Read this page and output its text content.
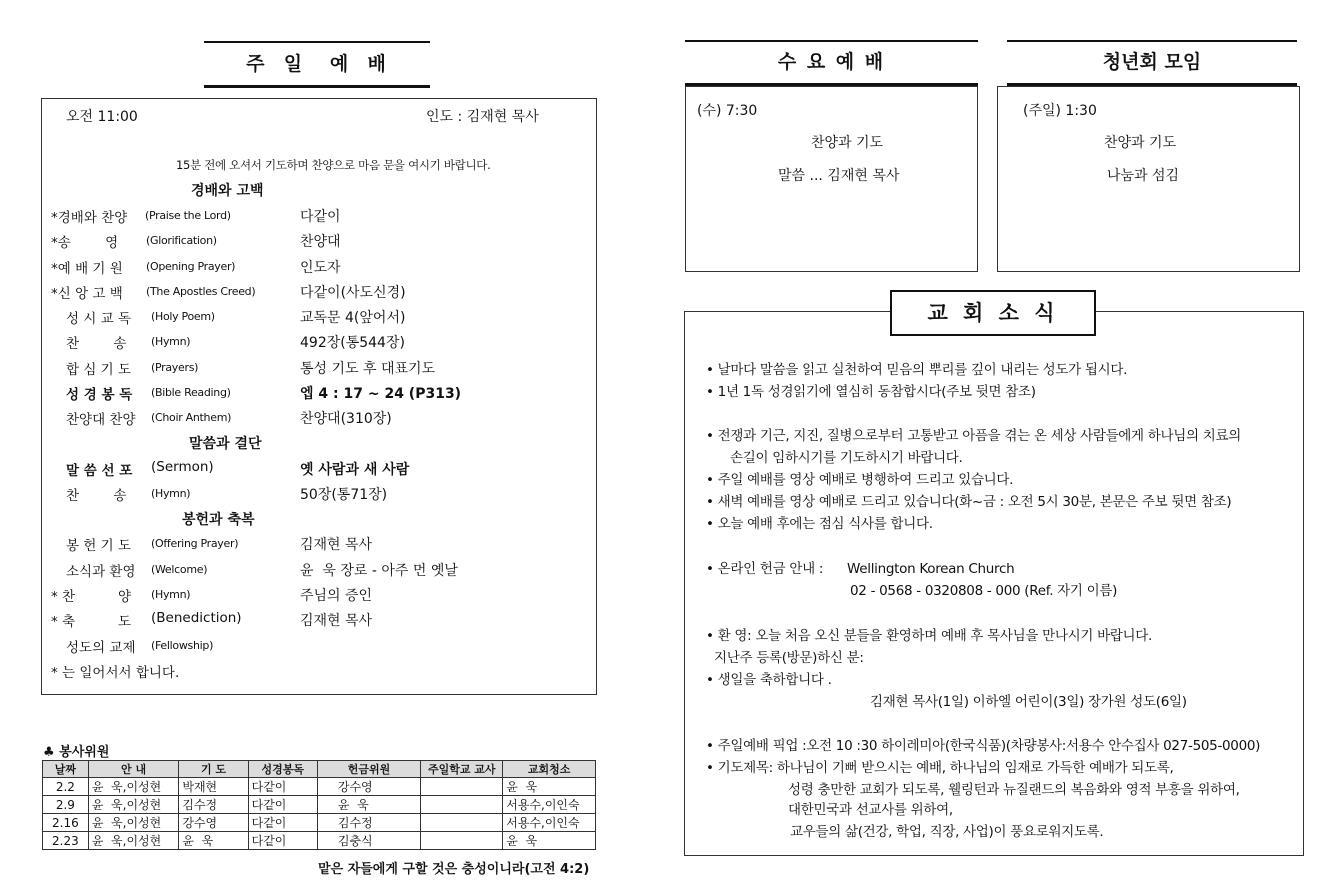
주  일   예  배
오전 11:00	인도 : 김재현 목사
15분 전에 오셔서 기도하며 찬양으로 마음 문을 여시기 바랍니다.
경배와 고백
*경배와 찬양 (Praise the Lord)	다같이
*송        영	(Glorification)	찬양대
*예 배 기 원 (Opening Prayer)	인도자
*신 앙 고 백 (The Apostles Creed)	다같이(사도신경)
성 시 교 독 (Holy Poem)	교독문 4(앞어서)
찬        송 (Hymn)	492장(통544장)
합 심 기 도 (Prayers)	통성 기도 후 대표기도
성 경 봉 독 (Bible Reading)	엡 4 : 17 ~ 24 (P313)
찬양대 찬양 (Choir Anthem)	찬양대(310장)
말씀과 결단
말 씀 선 포 (Sermon)	옛 사람과 새 사람
찬        송 (Hymn)	50장(통71장)
봉헌과 축복
봉 헌 기 도 (Offering Prayer)	김재현 목사
소식과 환영 (Welcome)	윤  욱 장로 - 아주 먼 옛날
* 찬          양 (Hymn)	주님의 증인
* 축          도 (Benediction)	김재현 목사
성도의 교제 (Fellowship)
* 는 일어서서 합니다.
♣ 봉사위원
날짜	안 내	기 도	성경봉독	헌금위원	주일학교 교사	교회청소
2.2	윤  욱,이성현	박재현	다같이	강수영		윤  욱
2.9	윤  욱,이성현	김수정	다같이	윤  욱		서용수,이인숙
2.16	윤  욱,이성현	강수영	다같이	김수정		서용수,이인숙
2.23	윤  욱,이성현	윤  욱	다같이	김충식		윤  욱
맡은 자들에게 구할 것은 충성이니라(고전 4:2)
수 요 예 배
(수) 7:30
찬양과 기도
말씀 ... 김재현 목사
청년회 모임
(주일) 1:30
찬양과 기도
나눔과 섬김
교 회 소 식
• 날마다 말씀을 읽고 실천하여 믿음의 뿌리를 깊이 내리는 성도가 됩시다.
• 1년 1독 성경읽기에 열심히 동참합시다(주보 뒷면 참조)
• 전쟁과 기근, 지진, 질병으로부터 고통받고 아픔을 겪는 온 세상 사람들에게 하나님의 치료의
손길이 임하시기를 기도하시기 바랍니다.
• 주일 예배를 영상 예배로 병행하여 드리고 있습니다.
• 새벽 예배를 영상 예배로 드리고 있습니다(화~금 : 오전 5시 30분, 본문은 주보 뒷면 참조)
• 오늘 예배 후에는 점심 식사를 합니다.
• 온라인 헌금 안내 :      Wellington Korean Church
02 - 0568 - 0320808 - 000 (Ref. 자기 이름)
• 환 영: 오늘 처음 오신 분들을 환영하며 예배 후 목사님을 만나시기 바랍니다.
지난주 등록(방문)하신 분:
• 생일을 축하합니다 .
김재현 목사(1일) 이하엘 어린이(3일) 장가원 성도(6일)
• 주일예배 픽업 :오전 10 :30 하이레미아(한국식품)(차량봉사:서용수 안수집사 027-505-0000)
• 기도제목: 하나님이 기뻐 받으시는 예배, 하나님의 임재로 가득한 예배가 되도록,
성령 충만한 교회가 되도록, 웰링턴과 뉴질랜드의 복음화와 영적 부흥을 위하여,
대한민국과 선교사를 위하여,
교우들의 삶(건강, 학업, 직장, 사업)이 풍요로워지도록.
